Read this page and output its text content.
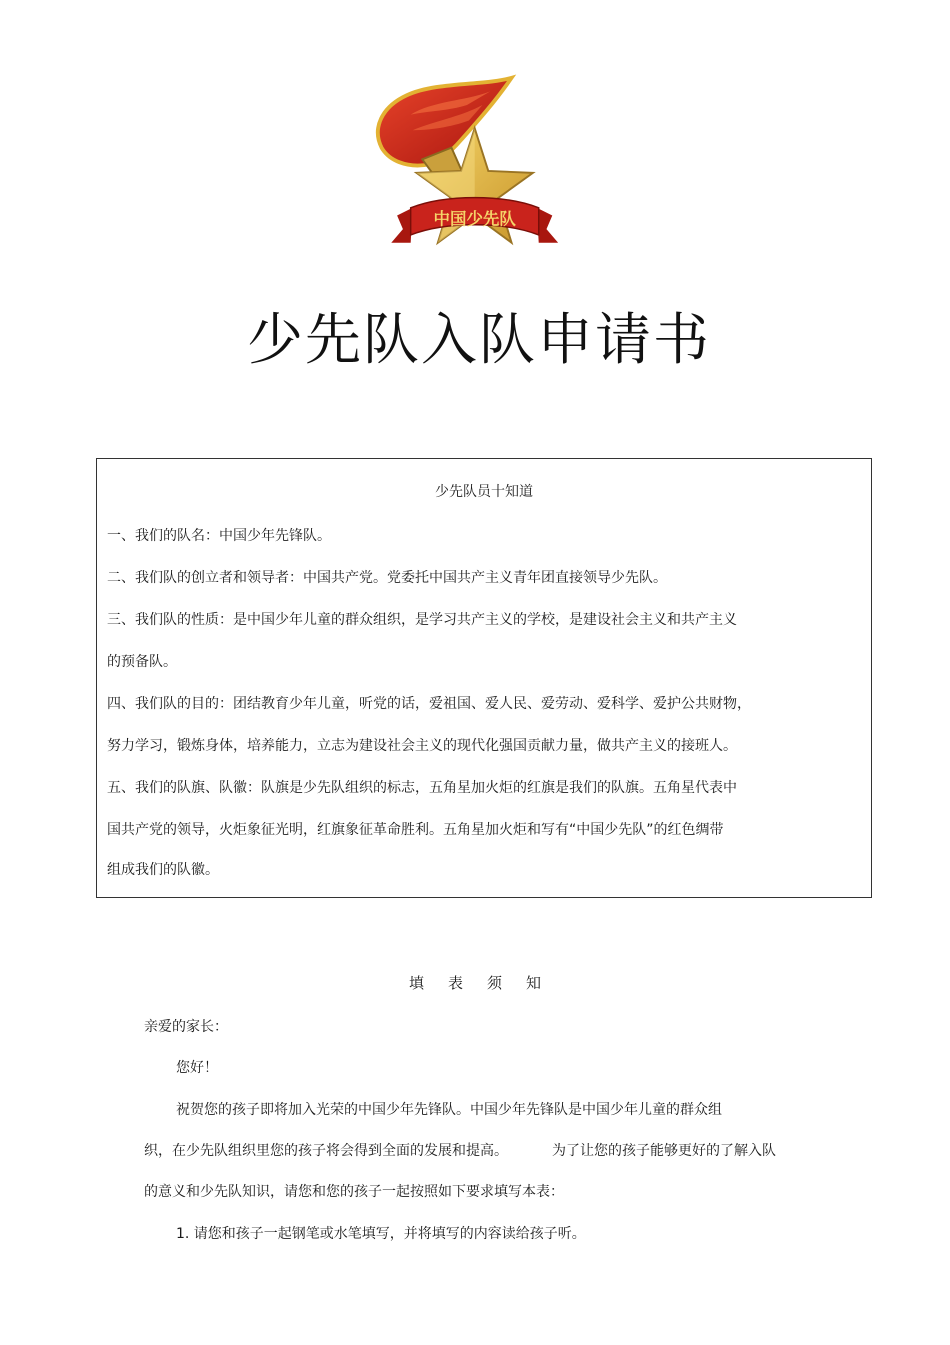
中国少先队
少先队入队申请书
少先队员十知道
一、我们的队名：中国少年先锋队。
二、我们队的创立者和领导者：中国共产党。党委托中国共产主义青年团直接领导少先队。
三、我们队的性质：是中国少年儿童的群众组织，是学习共产主义的学校，是建设社会主义和共产主义
的预备队。
四、我们队的目的：团结教育少年儿童，听党的话，爱祖国、爱人民、爱劳动、爱科学、爱护公共财物，
努力学习，锻炼身体，培养能力，立志为建设社会主义的现代化强国贡献力量，做共产主义的接班人。
五、我们的队旗、队徽：队旗是少先队组织的标志，五角星加火炬的红旗是我们的队旗。五角星代表中
国共产党的领导，火炬象征光明，红旗象征革命胜利。五角星加火炬和写有“中国少先队”的红色绸带
组成我们的队徽。
填表须知
亲爱的家长：
您好！
祝贺您的孩子即将加入光荣的中国少年先锋队。中国少年先锋队是中国少年儿童的群众组
织，在少先队组织里您的孩子将会得到全面的发展和提高。	为了让您的孩子能够更好的了解入队
的意义和少先队知识，请您和您的孩子一起按照如下要求填写本表：
1. 请您和孩子一起钢笔或水笔填写，并将填写的内容读给孩子听。
